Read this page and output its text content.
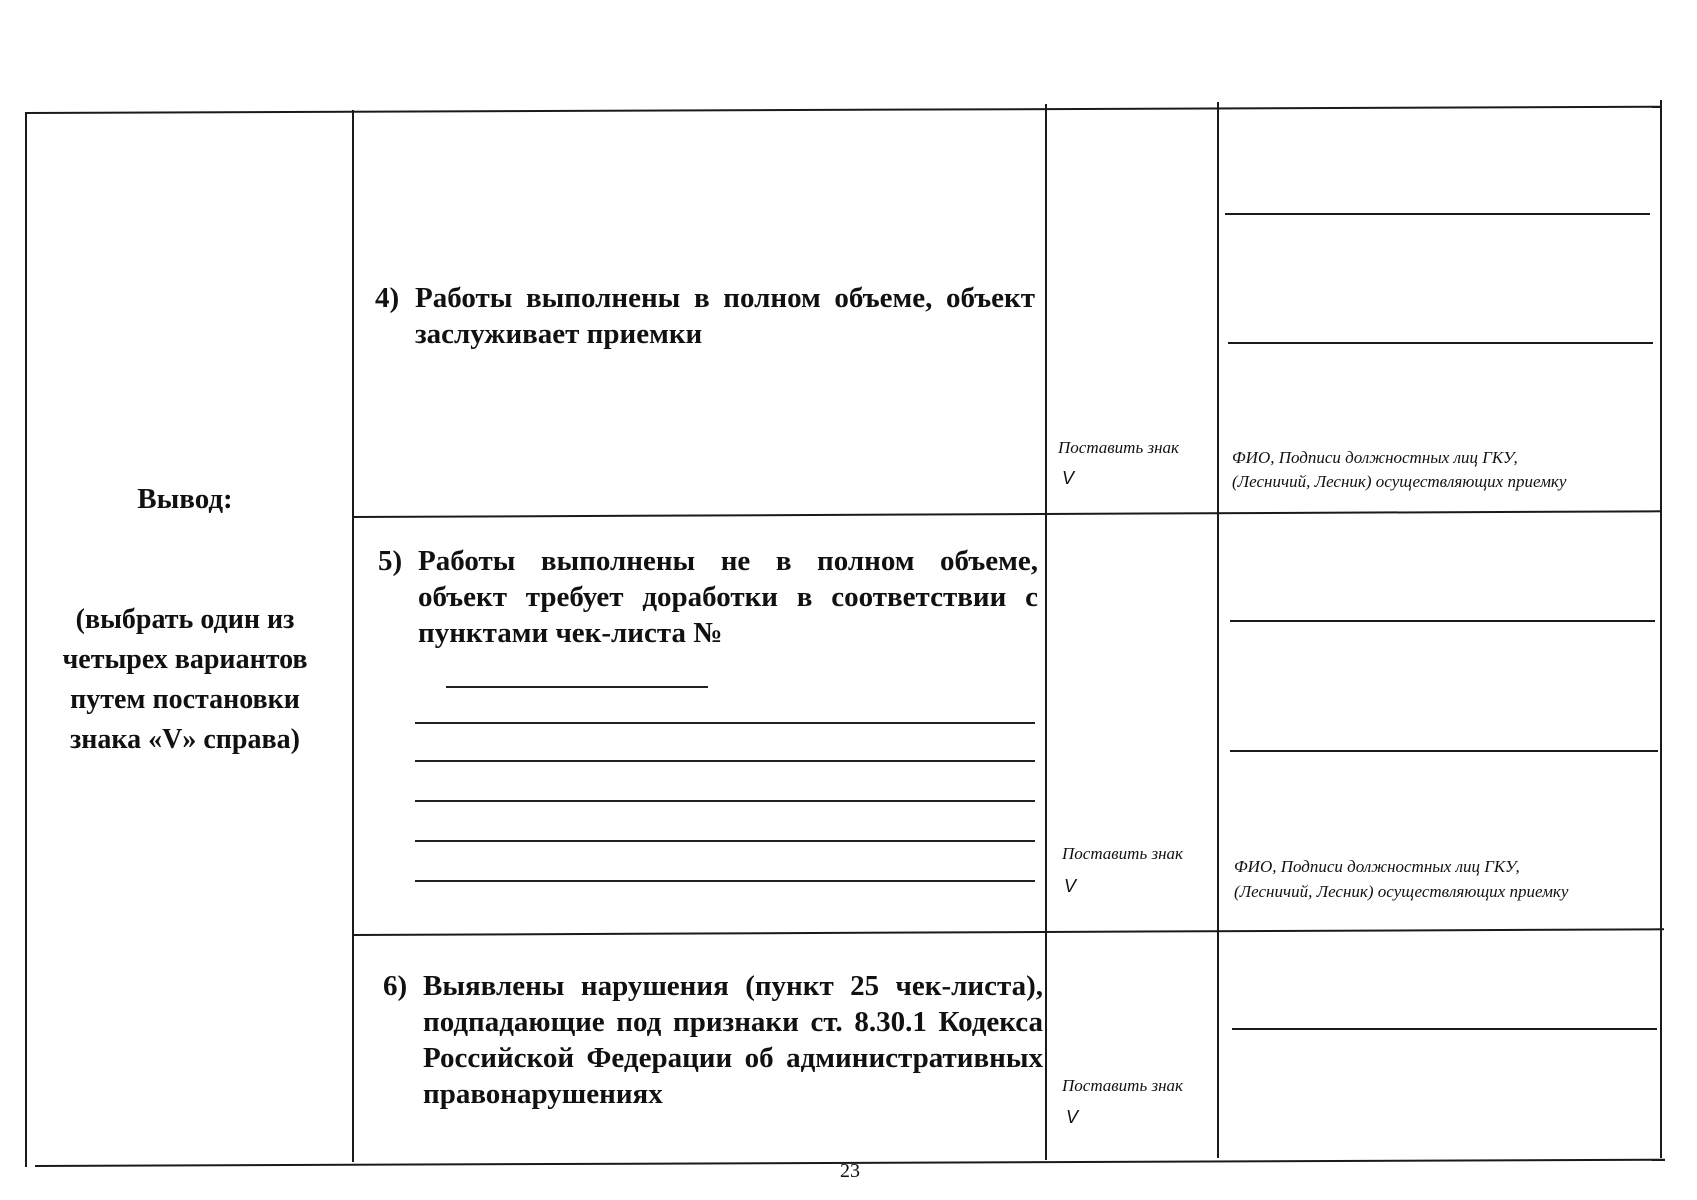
Вывод:
(выбрать один из четырех вариантов путем постановки знака «V» справа)
4) Работы выполнены в полном объеме, объект заслуживает приемки
Поставить знак
V
ФИО, Подписи должностных лиц ГКУ,
(Лесничий, Лесник) осуществляющих приемку
5) Работы выполнены не в полном объеме, объект требует доработки в соответствии с пунктами чек-листа №
Поставить знак
V
ФИО, Подписи должностных лиц ГКУ,
(Лесничий, Лесник) осуществляющих приемку
6) Выявлены нарушения (пункт 25 чек-листа), подпадающие под признаки ст. 8.30.1 Кодекса Российской Федерации об административных правонарушениях	Поставить знак
V
23
